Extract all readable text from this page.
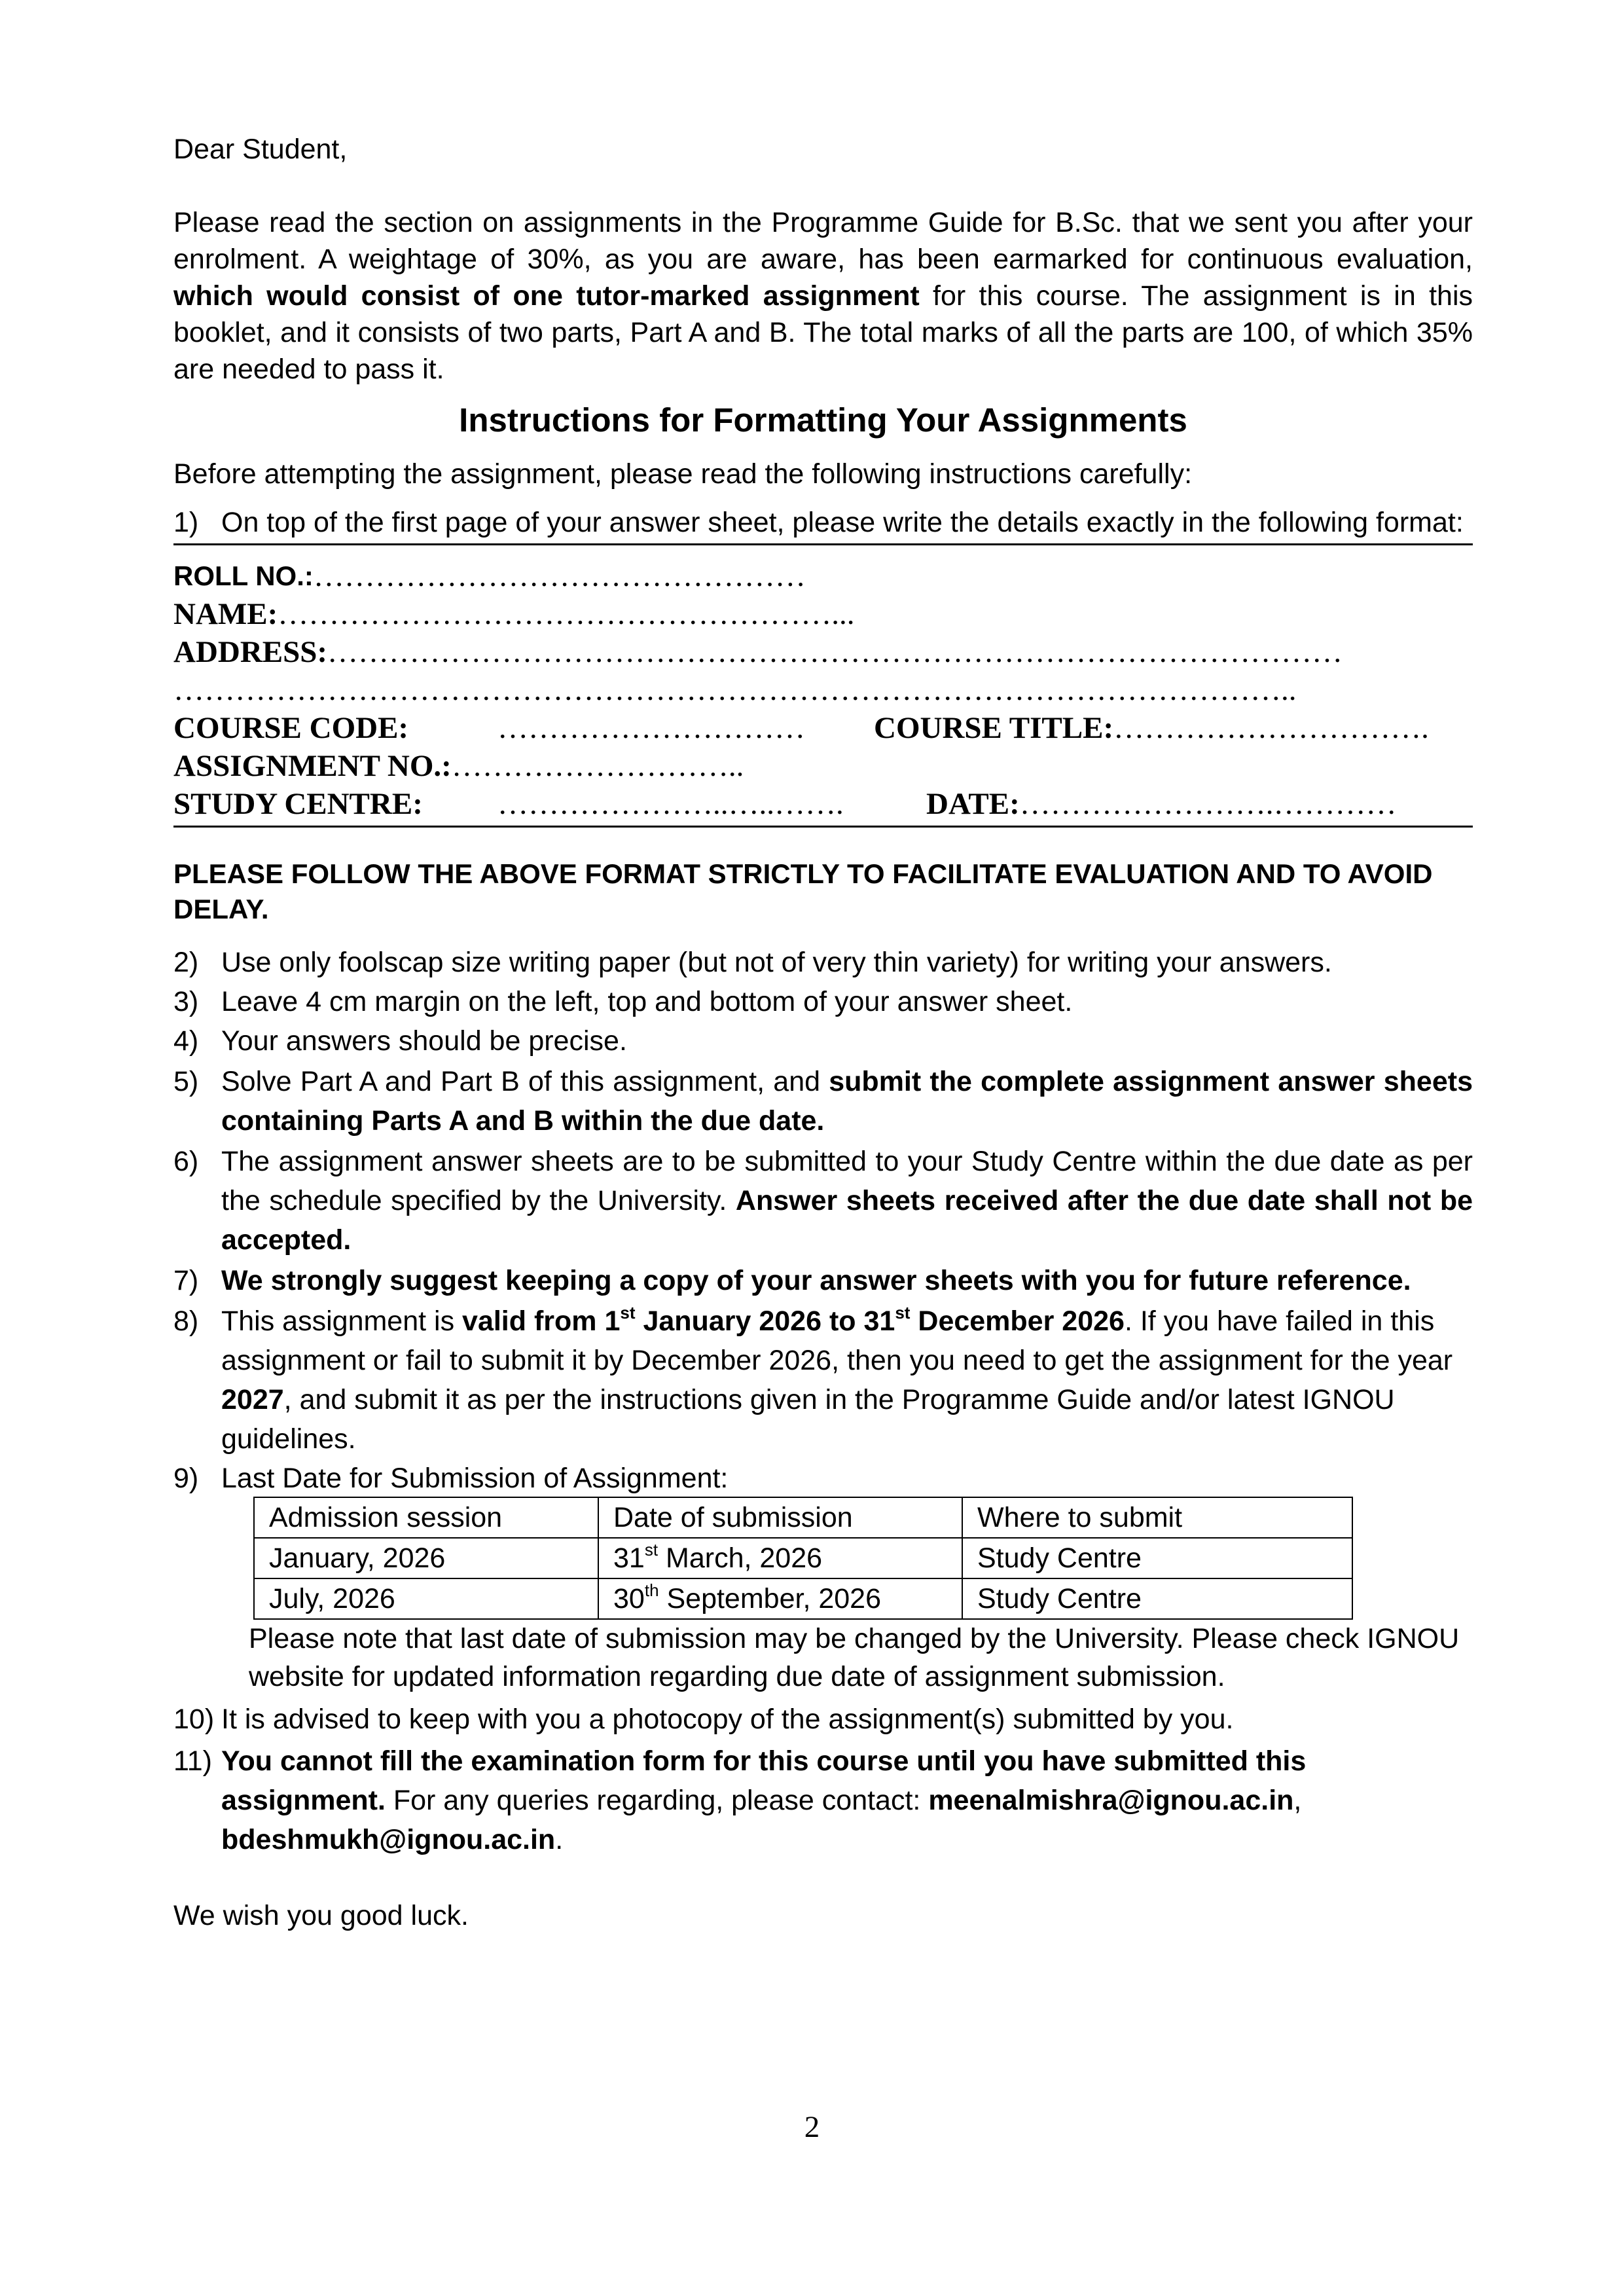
Dear Student,

Please read the section on assignments in the Programme Guide for B.Sc. that we sent you after your enrolment. A weightage of 30%, as you are aware, has been earmarked for continuous evaluation, which would consist of one tutor-marked assignment for this course. The assignment is in this booklet, and it consists of two parts, Part A and B. The total marks of all the parts are 100, of which 35% are needed to pass it.

Instructions for Formatting Your Assignments

Before attempting the assignment, please read the following instructions carefully:

1) On top of the first page of your answer sheet, please write the details exactly in the following format:
ROLL NO.: …………………………………………
NAME: ………………………………………………...
ADDRESS: ………………………………………………………………………………………
………………………………………………………………………………………………..
COURSE CODE:	…………………………	COURSE TITLE: ………………………….
ASSIGNMENT NO.: ………………………..
STUDY CENTRE:	…………………..…..…….	DATE: …………………….…………

PLEASE FOLLOW THE ABOVE FORMAT STRICTLY TO FACILITATE EVALUATION AND TO AVOID DELAY.

2) Use only foolscap size writing paper (but not of very thin variety) for writing your answers.
3) Leave 4 cm margin on the left, top and bottom of your answer sheet.
4) Your answers should be precise.
5) Solve Part A and Part B of this assignment, and submit the complete assignment answer sheets containing Parts A and B within the due date.
6) The assignment answer sheets are to be submitted to your Study Centre within the due date as per the schedule specified by the University. Answer sheets received after the due date shall not be accepted.
7) We strongly suggest keeping a copy of your answer sheets with you for future reference.
8) This assignment is valid from 1st January 2026 to 31st December 2026. If you have failed in this assignment or fail to submit it by December 2026, then you need to get the assignment for the year 2027, and submit it as per the instructions given in the Programme Guide and/or latest IGNOU guidelines.
9) Last Date for Submission of Assignment:
Admission session	Date of submission	Where to submit
January, 2026	31st March, 2026	Study Centre
July, 2026	30th September, 2026	Study Centre

Please note that last date of submission may be changed by the University. Please check IGNOU website for updated information regarding due date of assignment submission.

10) It is advised to keep with you a photocopy of the assignment(s) submitted by you.
11) You cannot fill the examination form for this course until you have submitted this assignment. For any queries regarding, please contact: meenalmishra@ignou.ac.in, bdeshmukh@ignou.ac.in.

We wish you good luck.

2
